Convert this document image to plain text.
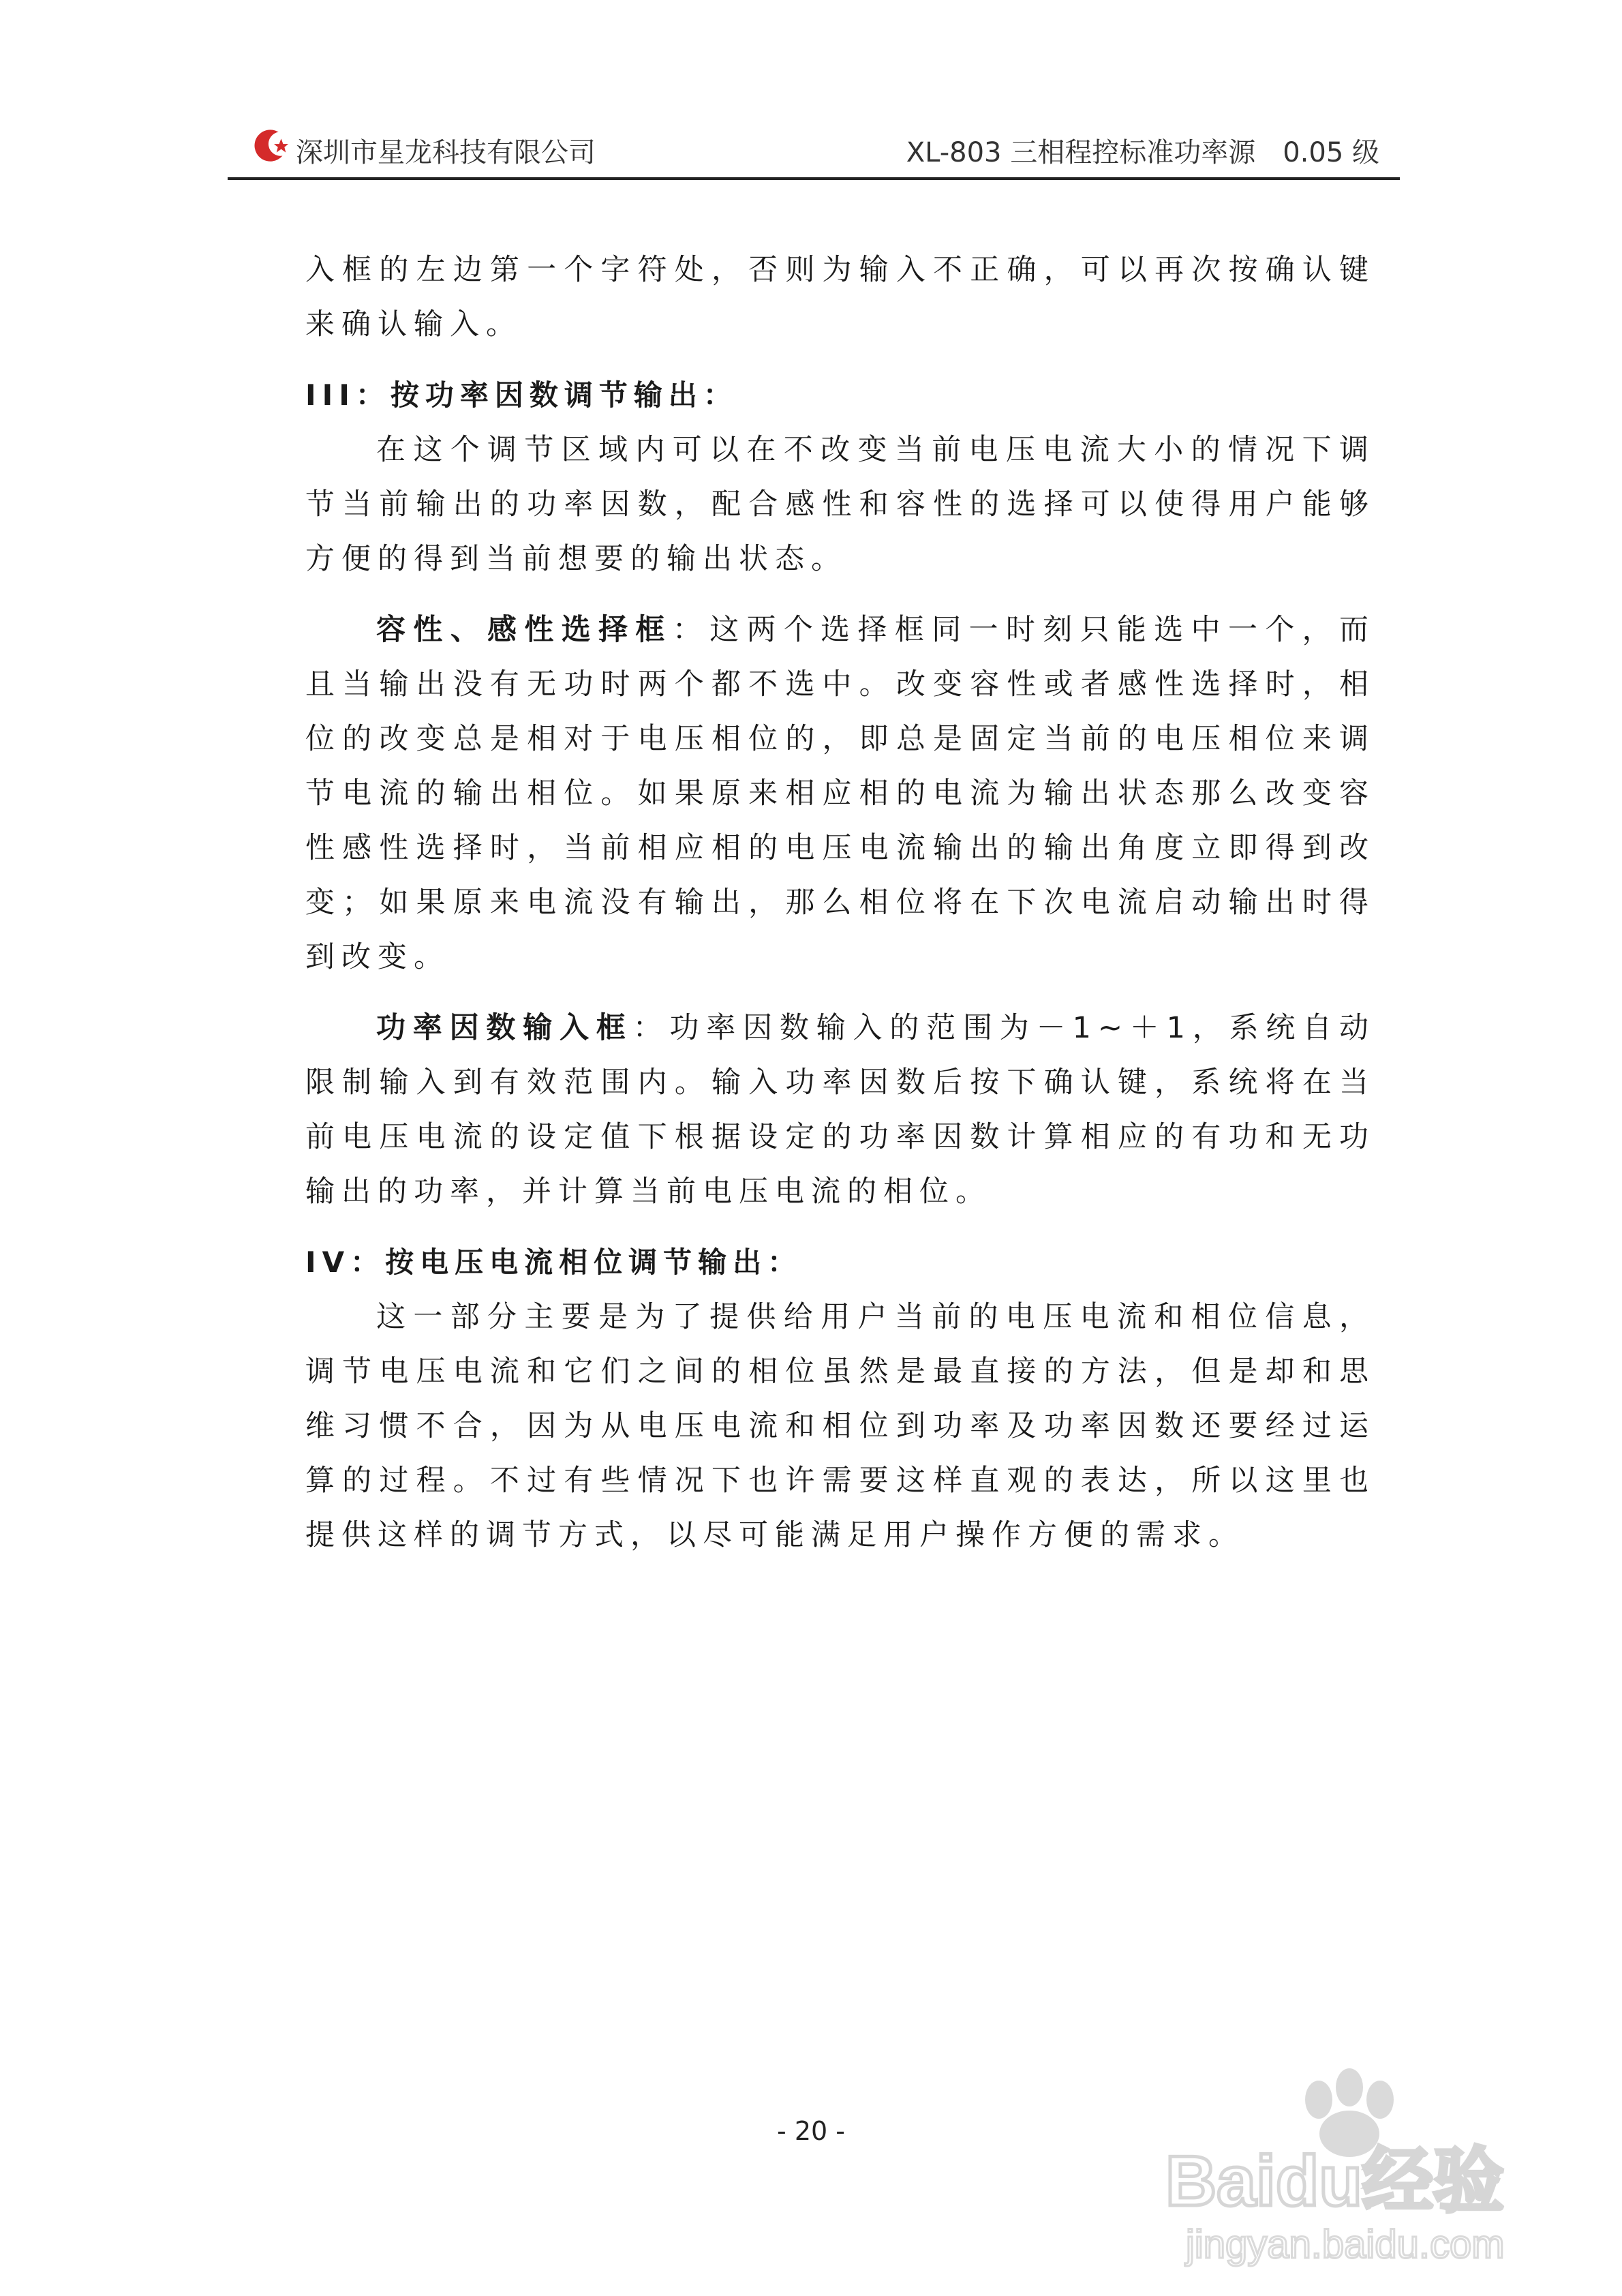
深圳市星龙科技有限公司	XL-803 三相程控标准功率源　0.05 级

入框的左边第一个字符处，否则为输入不正确，可以再次按确认键来确认输入。

III：按功率因数调节输出：

在这个调节区域内可以在不改变当前电压电流大小的情况下调节当前输出的功率因数，配合感性和容性的选择可以使得用户能够方便的得到当前想要的输出状态。

容性、感性选择框：这两个选择框同一时刻只能选中一个，而且当输出没有无功时两个都不选中。改变容性或者感性选择时，相位的改变总是相对于电压相位的，即总是固定当前的电压相位来调节电流的输出相位。如果原来相应相的电流为输出状态那么改变容性感性选择时，当前相应相的电压电流输出的输出角度立即得到改变；如果原来电流没有输出，那么相位将在下次电流启动输出时得到改变。

功率因数输入框：功率因数输入的范围为－1~＋1，系统自动限制输入到有效范围内。输入功率因数后按下确认键，系统将在当前电压电流的设定值下根据设定的功率因数计算相应的有功和无功输出的功率，并计算当前电压电流的相位。

IV：按电压电流相位调节输出：

这一部分主要是为了提供给用户当前的电压电流和相位信息，调节电压电流和它们之间的相位虽然是最直接的方法，但是却和思维习惯不合，因为从电压电流和相位到功率及功率因数还要经过运算的过程。不过有些情况下也许需要这样直观的表达，所以这里也提供这样的调节方式，以尽可能满足用户操作方便的需求。

- 20 -
Baidu经验
jingyan.baidu.com
